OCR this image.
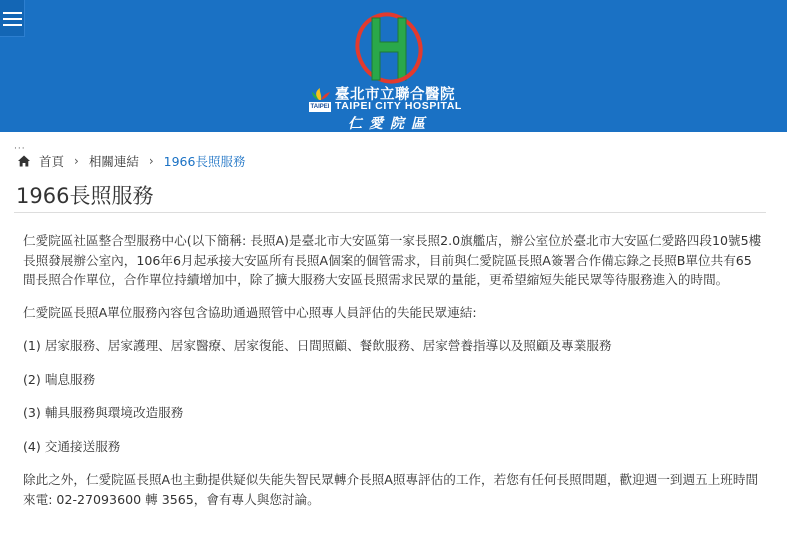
TAIPEI
臺北市立聯合醫院
TAIPEI CITY HOSPITAL
仁愛院區
···
首頁 › 相關連結 › 1966長照服務
1966長照服務

仁愛院區社區整合型服務中心(以下簡稱: 長照A)是臺北市大安區第一家長照2.0旗艦店，辦公室位於臺北市大安區仁愛路四段10號5樓長照發展辦公室內，106年6月起承接大安區所有長照A個案的個管需求，目前與仁愛院區長照A簽署合作備忘錄之長照B單位共有65間長照合作單位，合作單位持續增加中，除了擴大服務大安區長照需求民眾的量能，更希望縮短失能民眾等待服務進入的時間。

仁愛院區長照A單位服務內容包含協助通過照管中心照專人員評估的失能民眾連結:

(1) 居家服務、居家護理、居家醫療、居家復能、日間照顧、餐飲服務、居家營養指導以及照顧及專業服務

(2) 喘息服務

(3) 輔具服務與環境改造服務

(4) 交通接送服務

除此之外，仁愛院區長照A也主動提供疑似失能失智民眾轉介長照A照專評估的工作，若您有任何長照問題，歡迎週一到週五上班時間來電: 02-27093600 轉 3565，會有專人與您討論。
